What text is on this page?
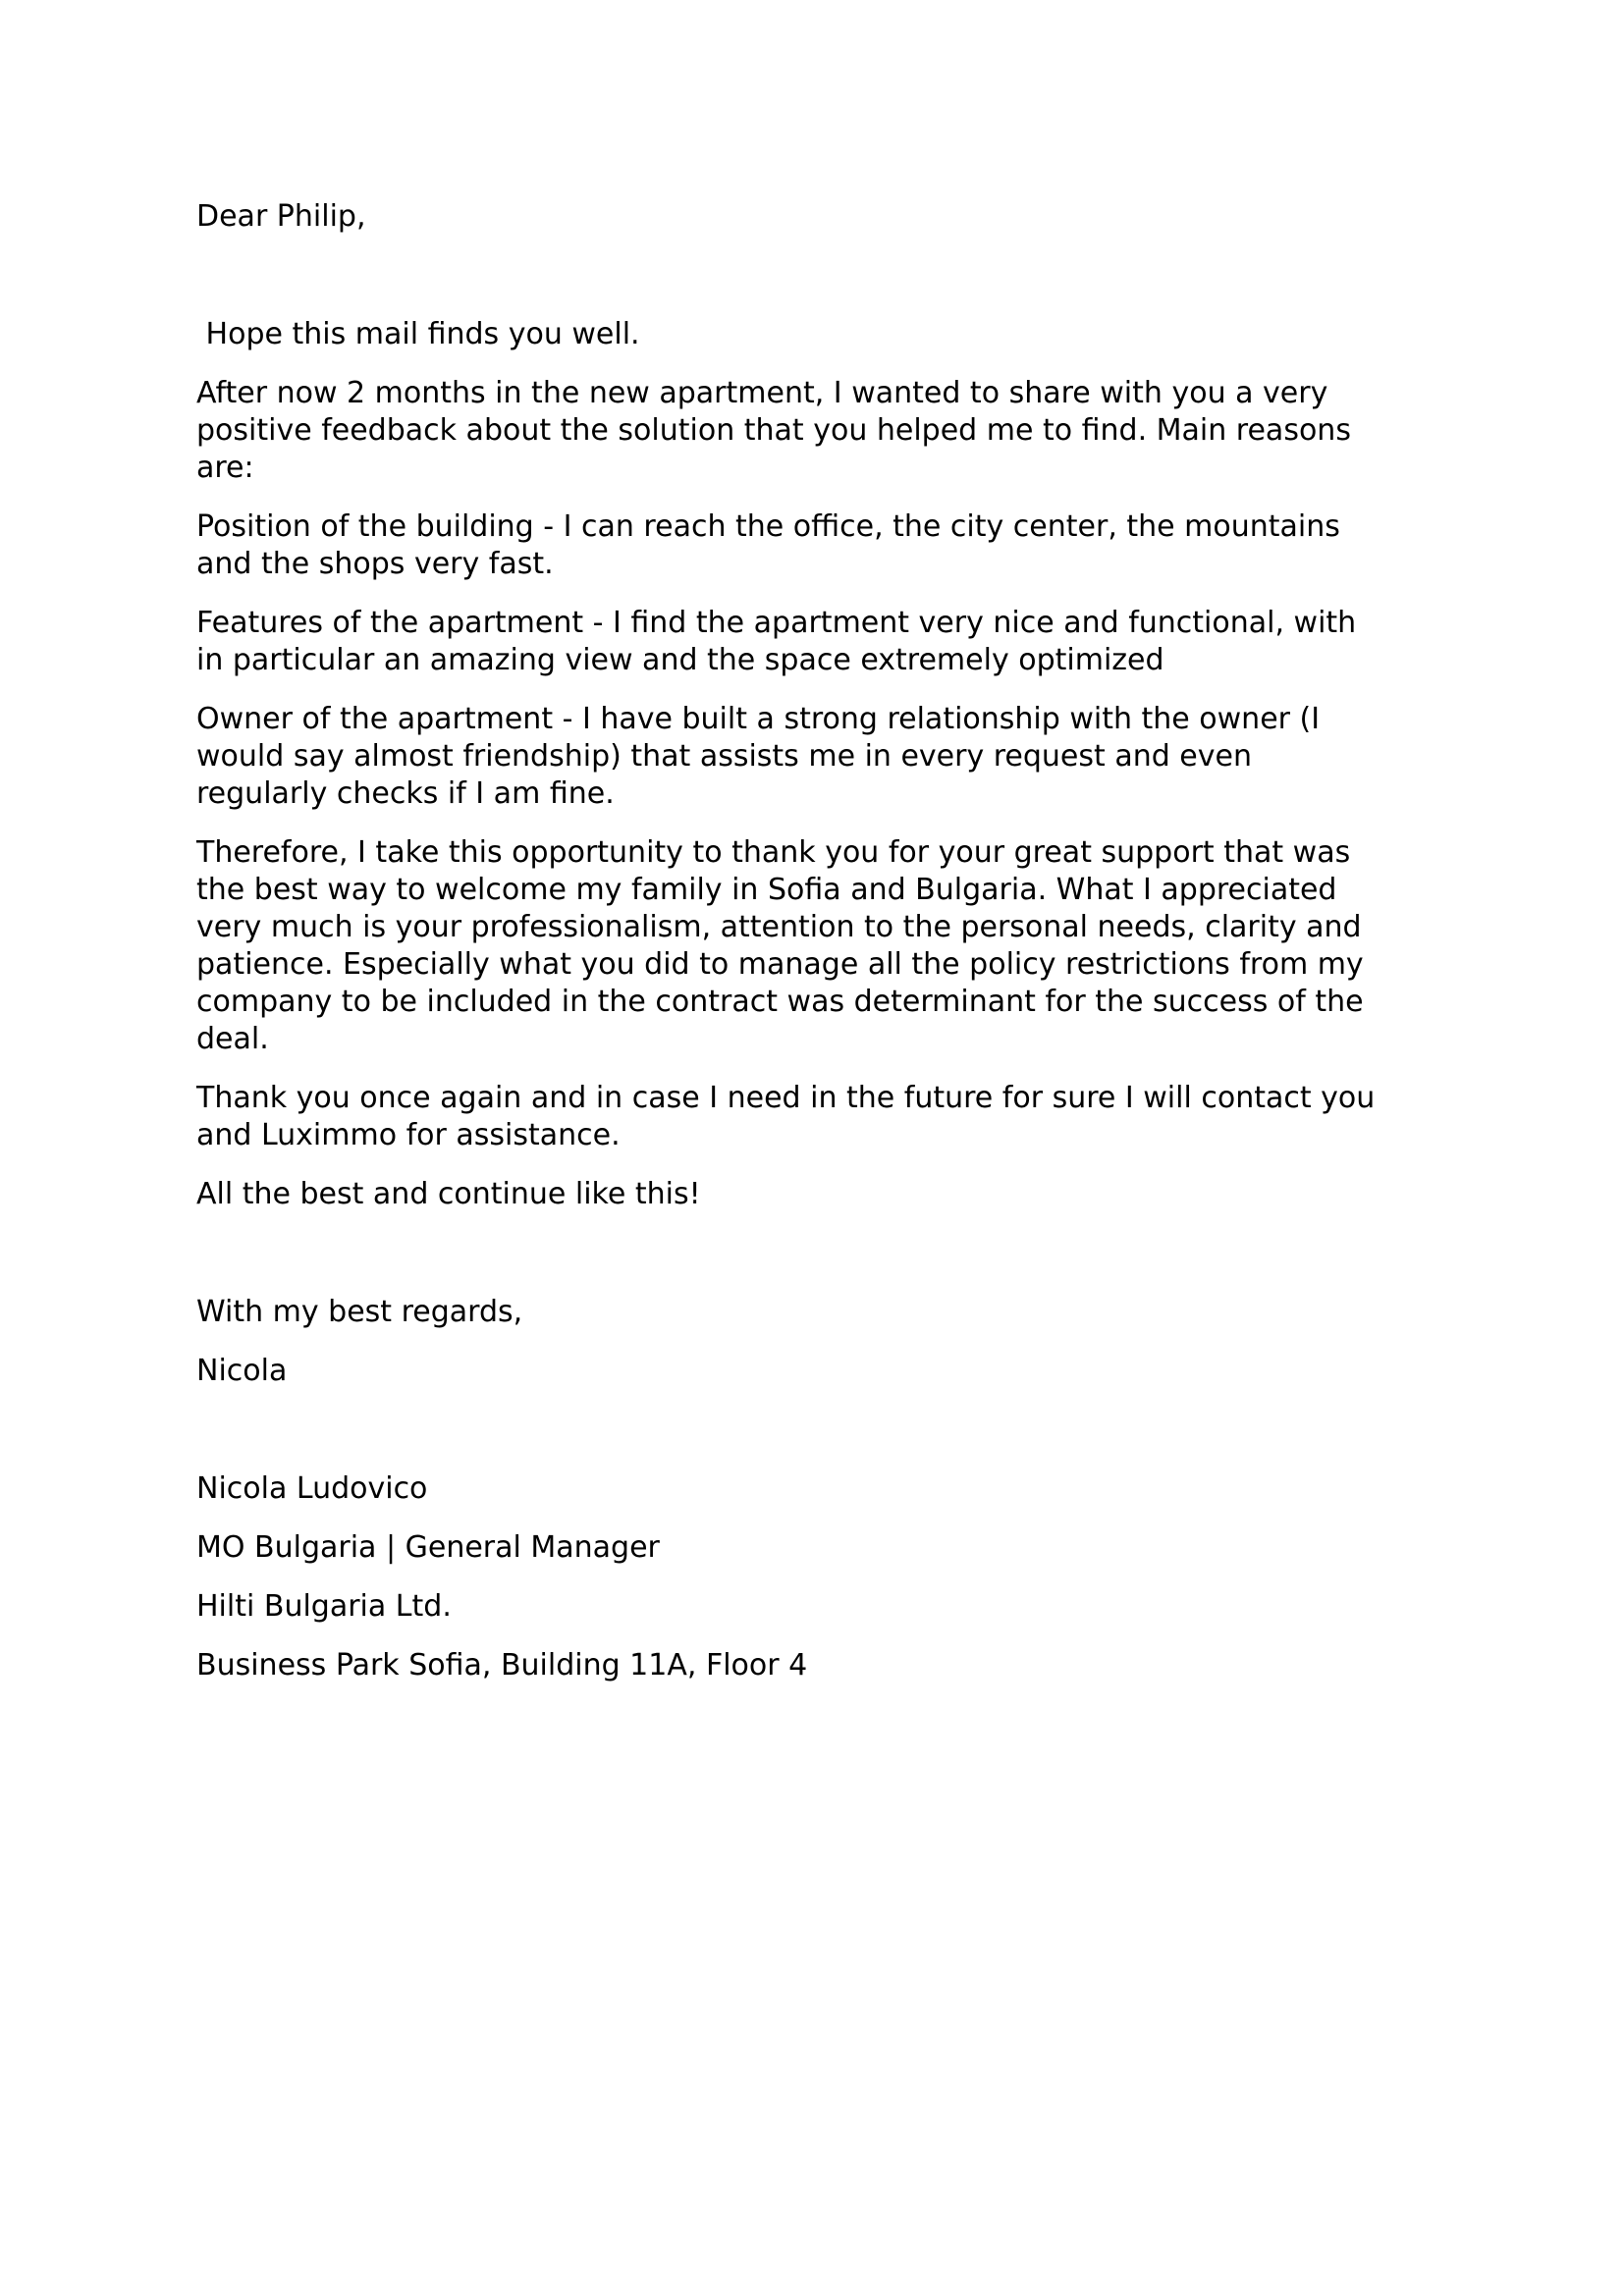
Dear Philip,

Hope this mail finds you well.

After now 2 months in the new apartment, I wanted to share with you a very positive feedback about the solution that you helped me to find. Main reasons are:

Position of the building - I can reach the office, the city center, the mountains and the shops very fast.

Features of the apartment - I find the apartment very nice and functional, with in particular an amazing view and the space extremely optimized

Owner of the apartment - I have built a strong relationship with the owner (I would say almost friendship) that assists me in every request and even regularly checks if I am fine.

Therefore, I take this opportunity to thank you for your great support that was the best way to welcome my family in Sofia and Bulgaria. What I appreciated very much is your professionalism, attention to the personal needs, clarity and patience. Especially what you did to manage all the policy restrictions from my company to be included in the contract was determinant for the success of the deal.

Thank you once again and in case I need in the future for sure I will contact you and Luximmo for assistance.

All the best and continue like this!

With my best regards,

Nicola

Nicola Ludovico

MO Bulgaria | General Manager

Hilti Bulgaria Ltd.

Business Park Sofia, Building 11A, Floor 4
